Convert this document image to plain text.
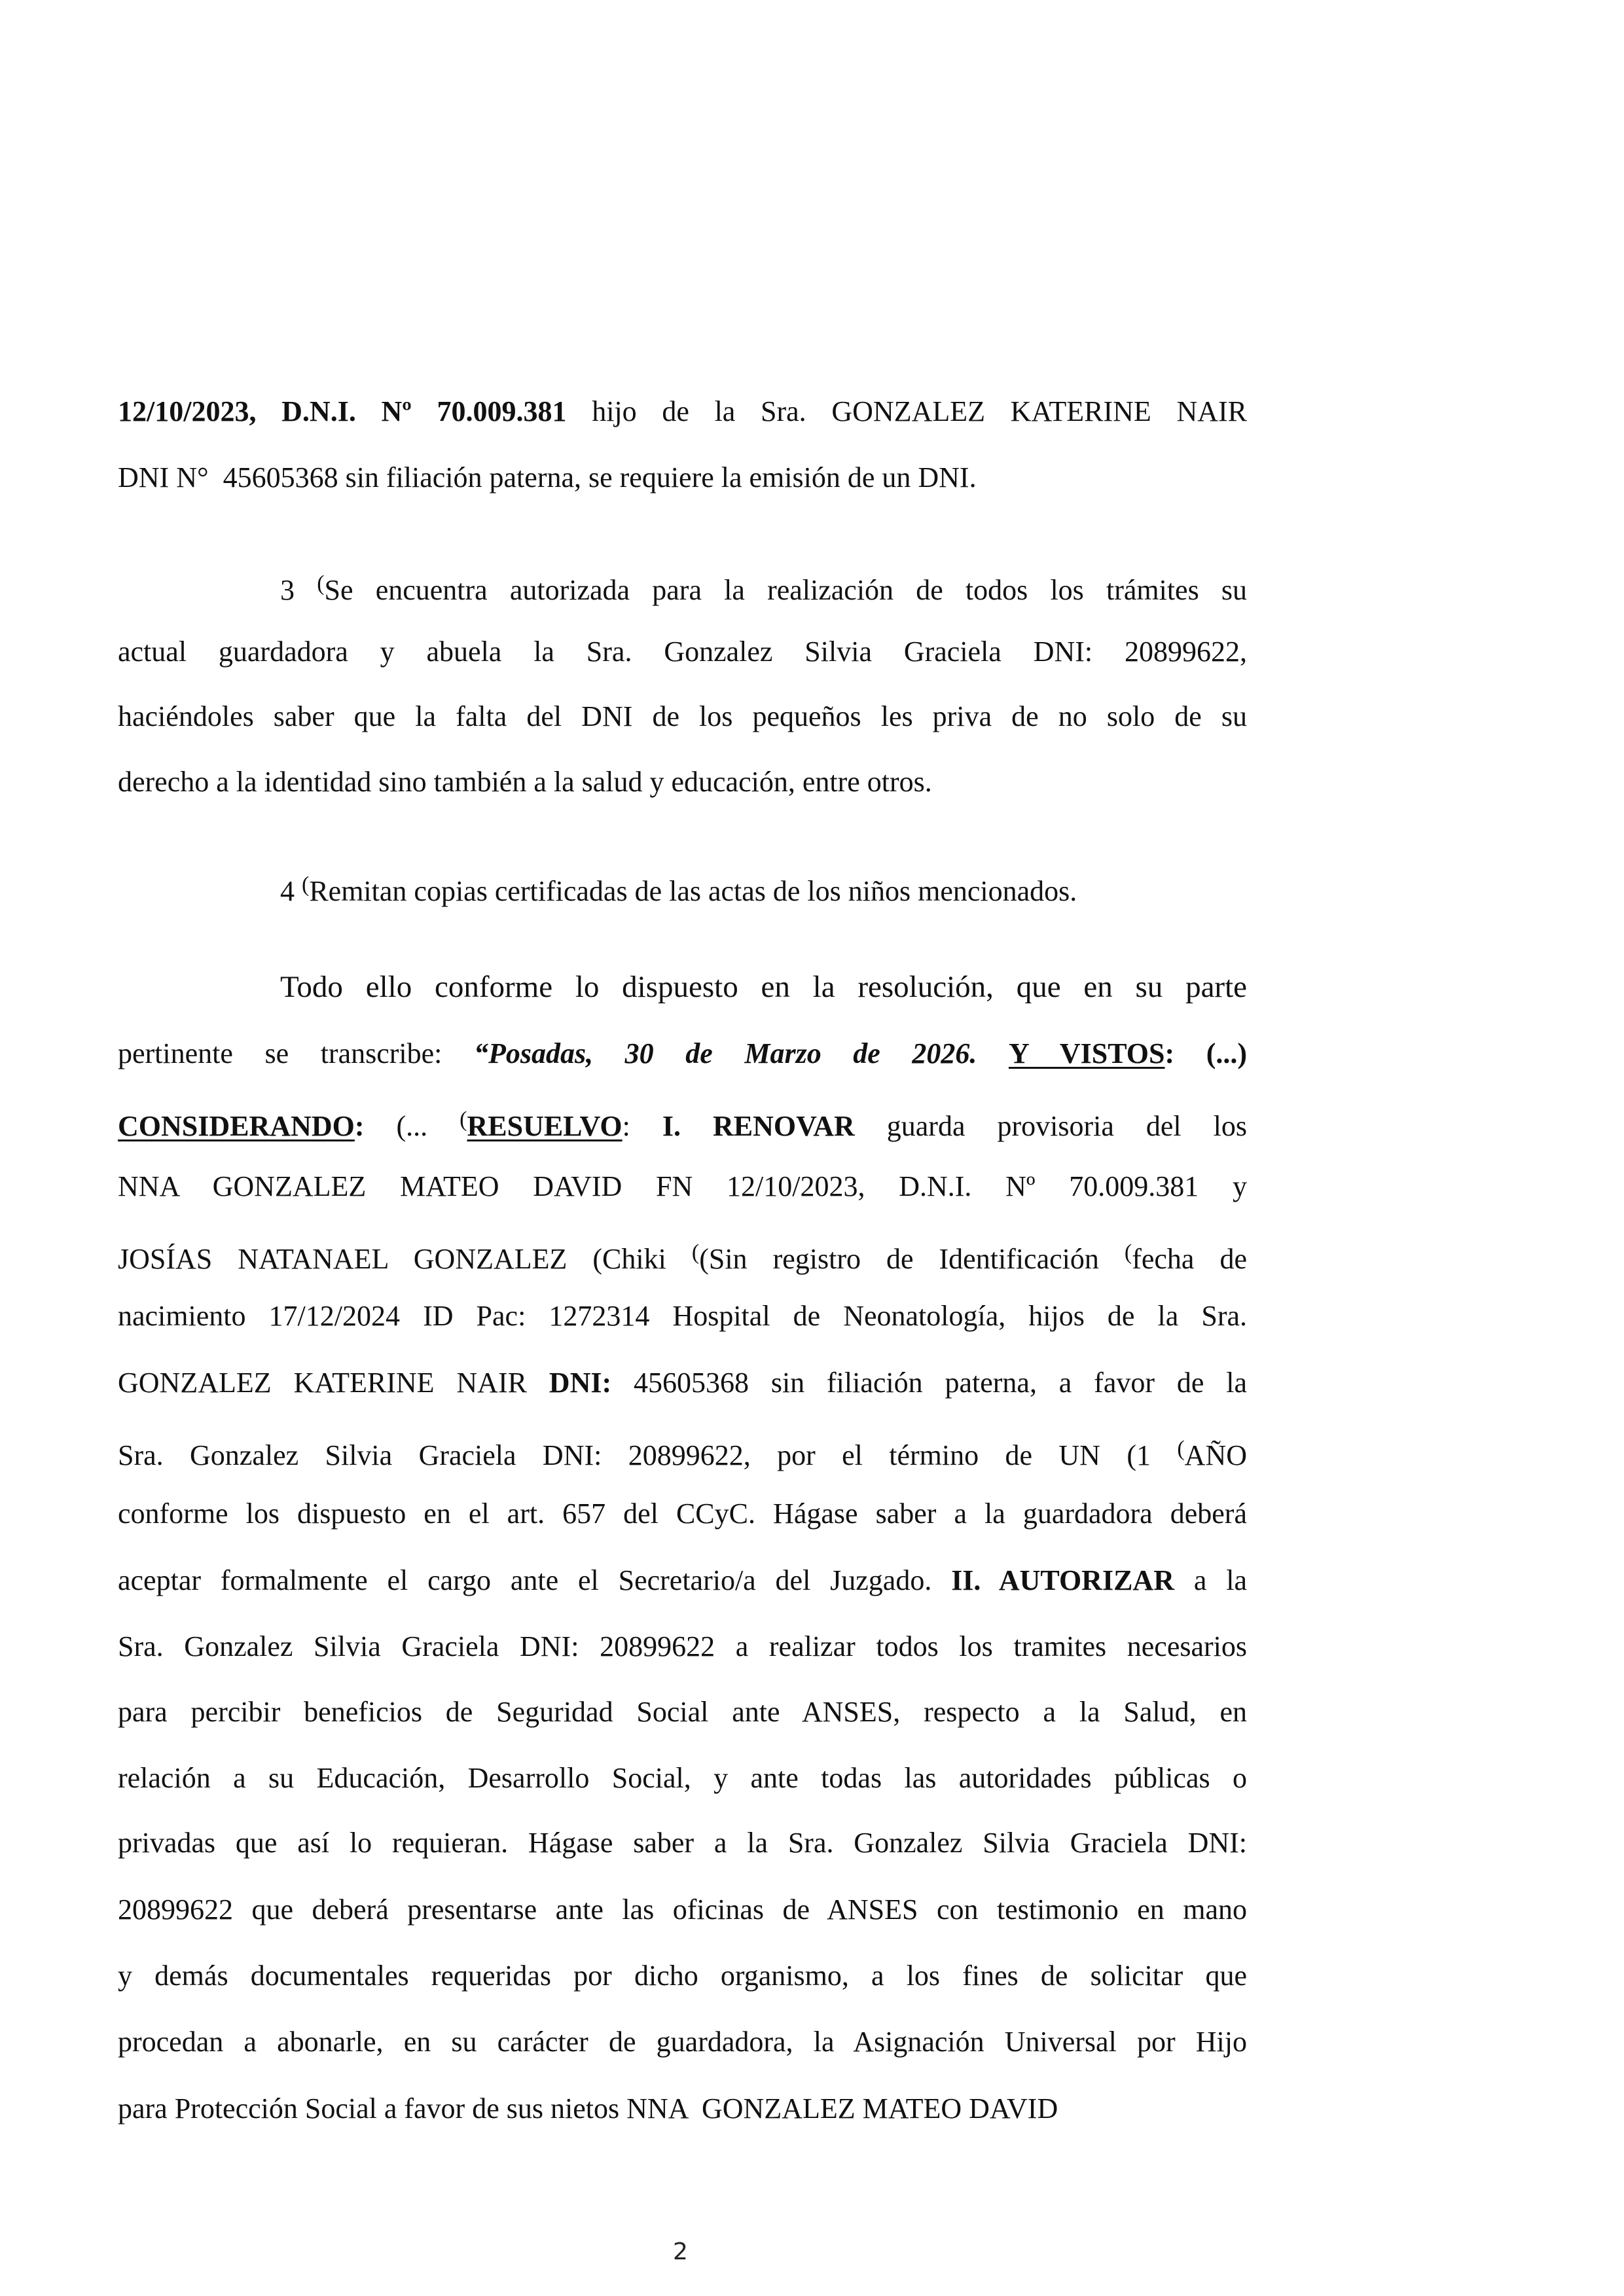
12/10/2023, D.N.I. Nº 70.009.381 hijo de la Sra. GONZALEZ KATERINE NAIR
DNI N°  45605368 sin filiación paterna, se requiere la emisión de un DNI.
3 (Se encuentra autorizada para la realización de todos los trámites su
actual guardadora y abuela la Sra. Gonzalez Silvia Graciela DNI: 20899622,
haciéndoles saber que la falta del DNI de los pequeños les priva de no solo de su
derecho a la identidad sino también a la salud y educación, entre otros.
4 (Remitan copias certificadas de las actas de los niños mencionados.
Todo ello conforme lo dispuesto en la resolución, que en su parte
pertinente se transcribe: “Posadas, 30 de Marzo de 2026. Y VISTOS: (...)
CONSIDERANDO: (... (RESUELVO: I. RENOVAR guarda provisoria del los
NNA GONZALEZ MATEO DAVID FN 12/10/2023, D.N.I. Nº 70.009.381 y
JOSÍAS NATANAEL GONZALEZ (Chiki ((Sin registro de Identificación (fecha de
nacimiento 17/12/2024 ID Pac: 1272314 Hospital de Neonatología, hijos de la Sra.
GONZALEZ KATERINE NAIR DNI: 45605368 sin filiación paterna, a favor de la
Sra. Gonzalez Silvia Graciela DNI: 20899622, por el término de UN (1 (AÑO
conforme los dispuesto en el art. 657 del CCyC. Hágase saber a la guardadora deberá
aceptar formalmente el cargo ante el Secretario/a del Juzgado. II. AUTORIZAR a la
Sra. Gonzalez Silvia Graciela DNI: 20899622 a realizar todos los tramites necesarios
para percibir beneficios de Seguridad Social ante ANSES, respecto a la Salud, en
relación a su Educación, Desarrollo Social, y ante todas las autoridades públicas o
privadas que así lo requieran. Hágase saber a la Sra. Gonzalez Silvia Graciela DNI:
20899622 que deberá presentarse ante las oficinas de ANSES con testimonio en mano
y demás documentales requeridas por dicho organismo, a los fines de solicitar que
procedan a abonarle, en su carácter de guardadora, la Asignación Universal por Hijo
para Protección Social a favor de sus nietos NNA  GONZALEZ MATEO DAVID
2
